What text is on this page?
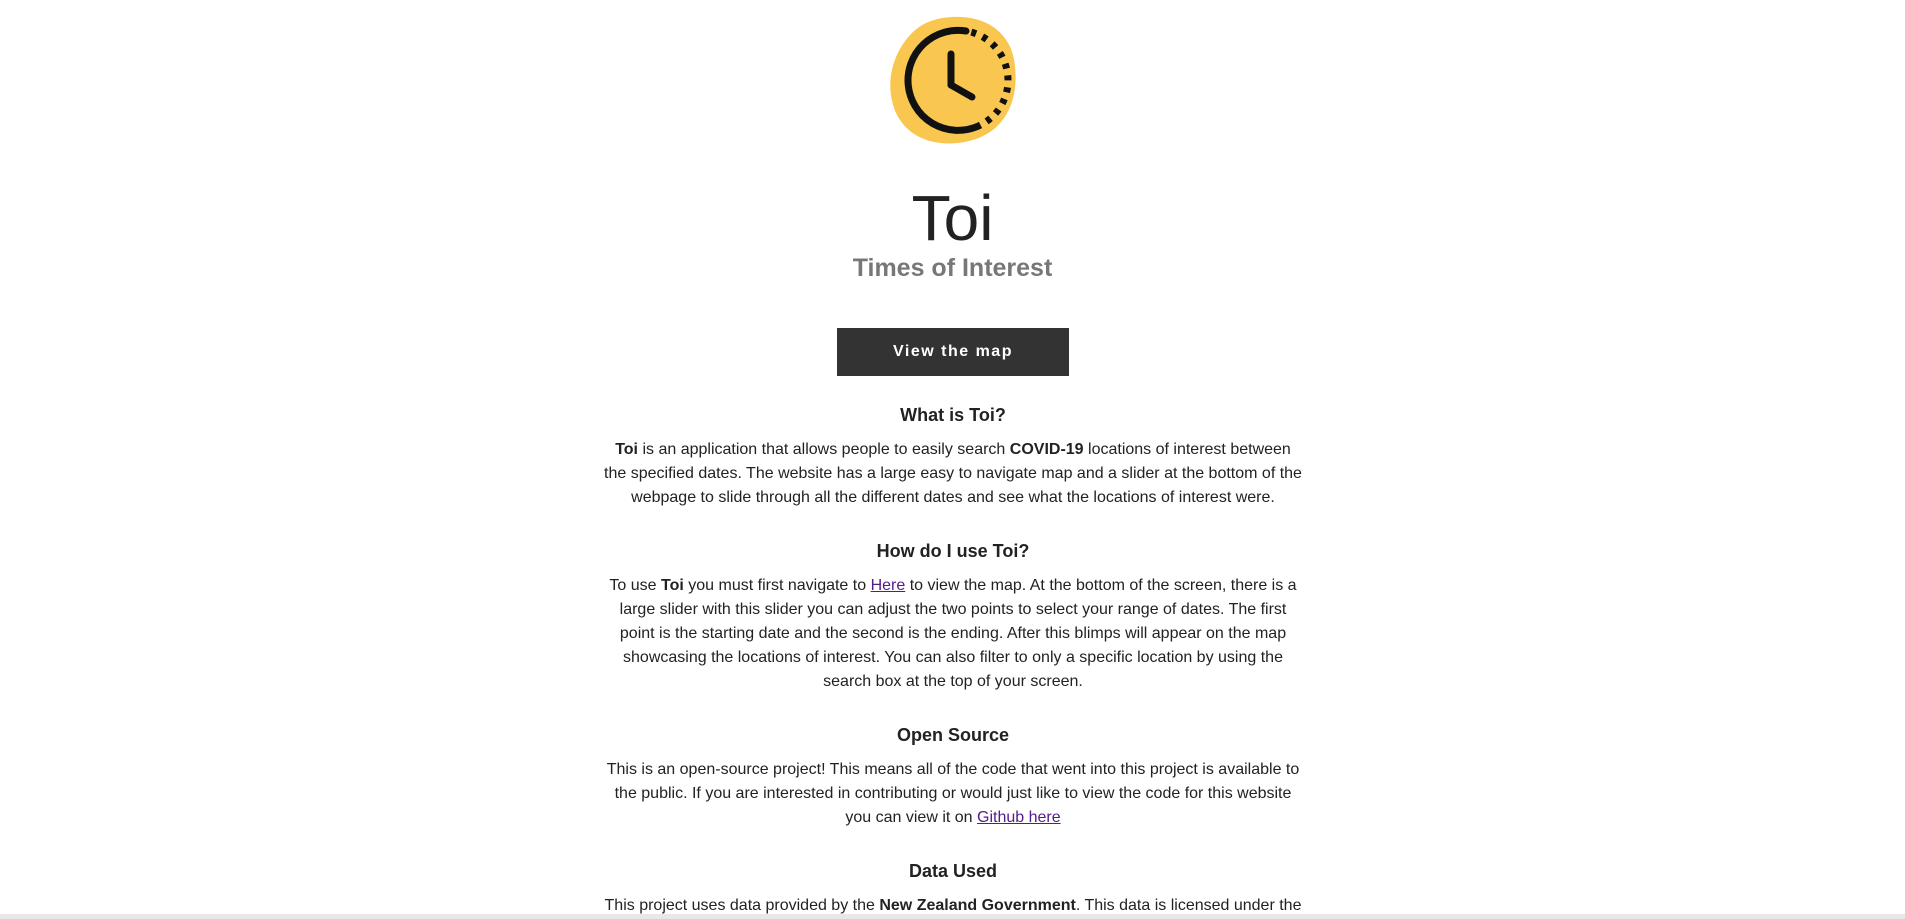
Toi
Times of Interest
View the map
What is Toi?

Toi is an application that allows people to easily search COVID-19 locations of interest between the specified dates. The website has a large easy to navigate map and a slider at the bottom of the webpage to slide through all the different dates and see what the locations of interest were.

How do I use Toi?

To use Toi you must first navigate to Here to view the map. At the bottom of the screen, there is a large slider with this slider you can adjust the two points to select your range of dates. The first point is the starting date and the second is the ending. After this blimps will appear on the map showcasing the locations of interest. You can also filter to only a specific location by using the search box at the top of your screen.

Open Source

This is an open-source project! This means all of the code that went into this project is available to the public. If you are interested in contributing or would just like to view the code for this website you can view it on Github here

Data Used

This project uses data provided by the New Zealand Government. This data is licensed under the
